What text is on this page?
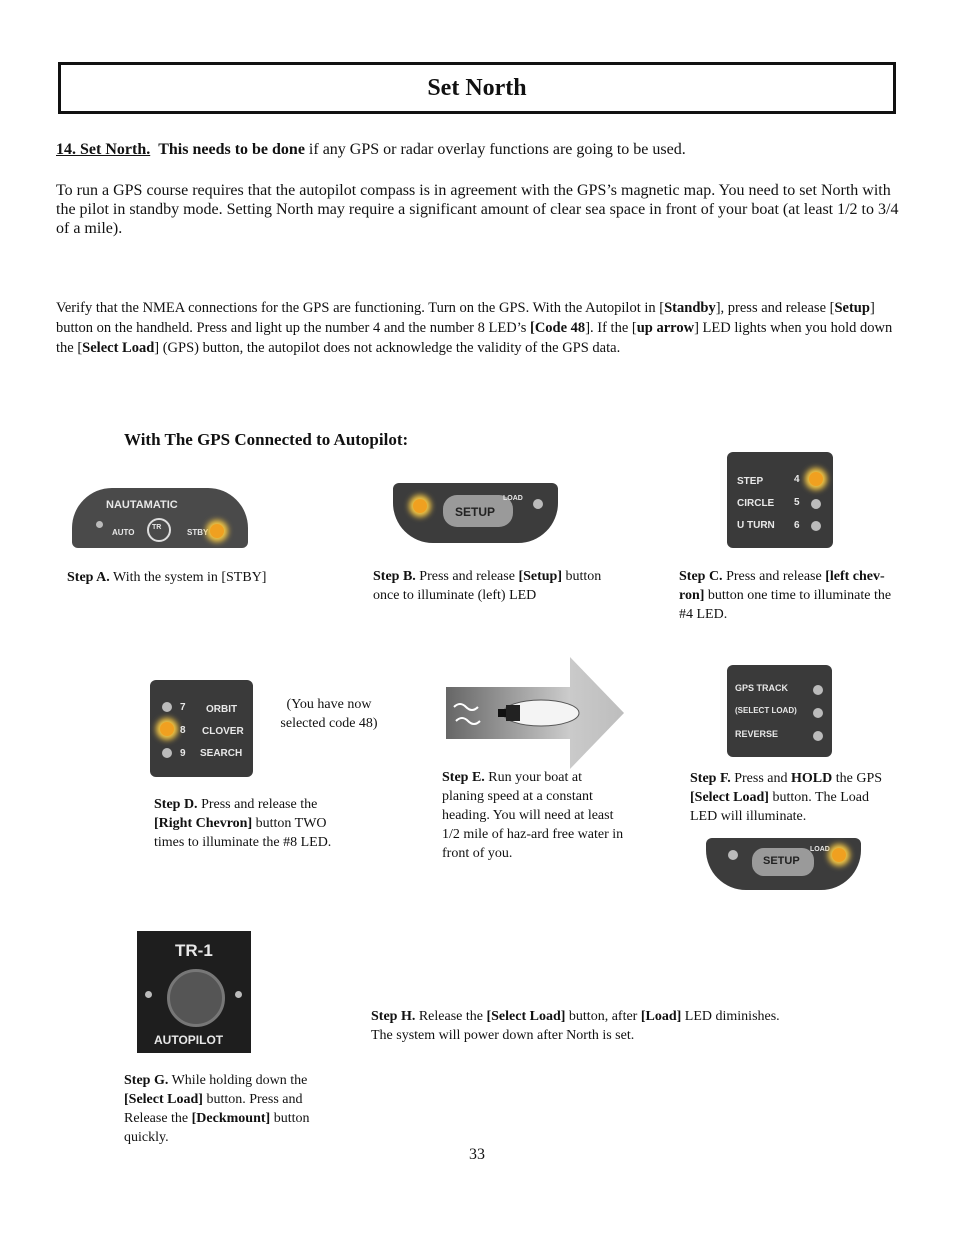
Set North
14. Set North. This needs to be done if any GPS or radar overlay functions are going to be used.
To run a GPS course requires that the autopilot compass is in agreement with the GPS’s magnetic map. You need to set North with the pilot in standby mode. Setting North may require a significant amount of clear sea space in front of your boat (at least 1/2 to 3/4 of a mile).
Verify that the NMEA connections for the GPS are functioning. Turn on the GPS. With the Autopilot in [Standby], press and release [Setup] button on the handheld. Press and light up the number 4 and the number 8 LED’s [Code 48]. If the [up arrow] LED lights when you hold down the [Select Load] (GPS) button, the autopilot does not acknowledge the validity of the GPS data.
With The GPS Connected to Autopilot:
NAUTAMATIC
AUTO
TR
STBY
SETUP
LOAD
STEP
CIRCLE
U TURN
4
5
6
Step A. With the system in [STBY]	Step B. Press and release [Setup] button once to illuminate (left) LED
Step C. Press and release [left chev-ron] button one time to illuminate the #4 LED.
7
8
9
ORBIT
CLOVER
SEARCH
(You have now selected code 48)
GPS TRACK
(SELECT LOAD)
REVERSE
Step D. Press and release the [Right Chevron] button TWO times to illuminate the #8 LED.
Step E. Run your boat at planing speed at a constant heading. You will need at least 1/2 mile of haz-ard free water in front of you.
Step F. Press and HOLD the GPS [Select Load] button. The Load LED will illuminate.
SETUP
LOAD
TR-1
AUTOPILOT
Step G. While holding down the [Select Load] button. Press and Release the [Deckmount] button quickly.
Step H. Release the [Select Load] button, after [Load] LED diminishes.
The system will power down after North is set.
33
